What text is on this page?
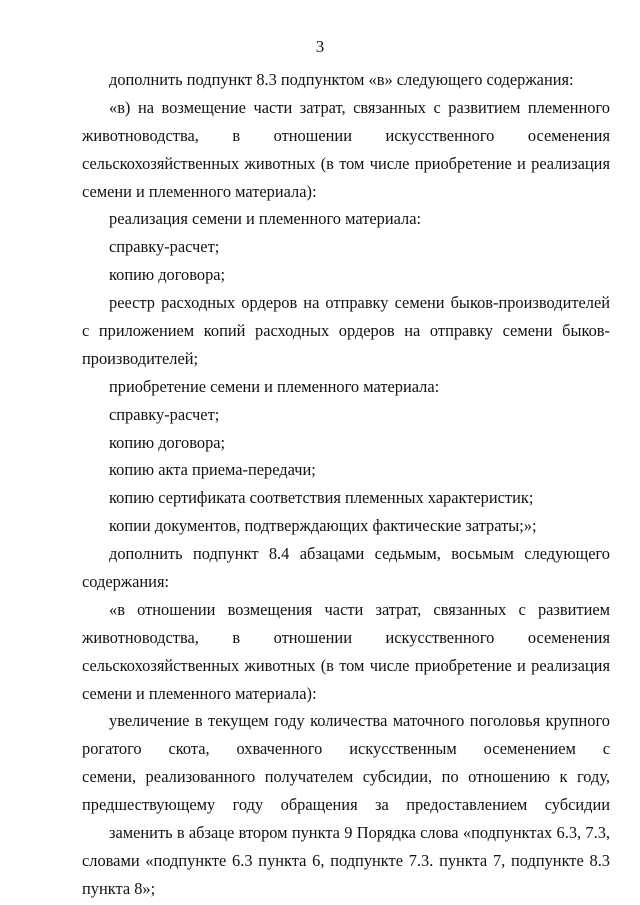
3
дополнить подпункт 8.3 подпунктом «в» следующего содержания:
«в) на возмещение части затрат, связанных с развитием племенного
животноводства, в отношении искусственного осеменения
сельскохозяйственных животных (в том числе приобретение и реализация
семени и племенного материала):
реализация семени и племенного материала:
справку-расчет;
копию договора;
реестр расходных ордеров на отправку семени быков-производителей
с приложением копий расходных ордеров на отправку семени быков-
производителей;
приобретение семени и племенного материала:
справку-расчет;
копию договора;
копию акта приема-передачи;
копию сертификата соответствия племенных характеристик;
копии документов, подтверждающих фактические затраты;»;
дополнить подпункт 8.4 абзацами седьмым, восьмым следующего
содержания:
«в отношении возмещения части затрат, связанных с развитием
животноводства, в отношении искусственного осеменения
сельскохозяйственных животных (в том числе приобретение и реализация
семени и племенного материала):
увеличение в текущем году количества маточного поголовья крупного
рогатого скота, охваченного искусственным осеменением с
семени, реализованного получателем субсидии, по отношению к году,
предшествующему году обращения за предоставлением субсидии
заменить в абзаце втором пункта 9 Порядка слова «подпунктах 6.3, 7.3,
словами «подпункте 6.3 пункта 6, подпункте 7.3. пункта 7, подпункте 8.3
пункта 8»;
